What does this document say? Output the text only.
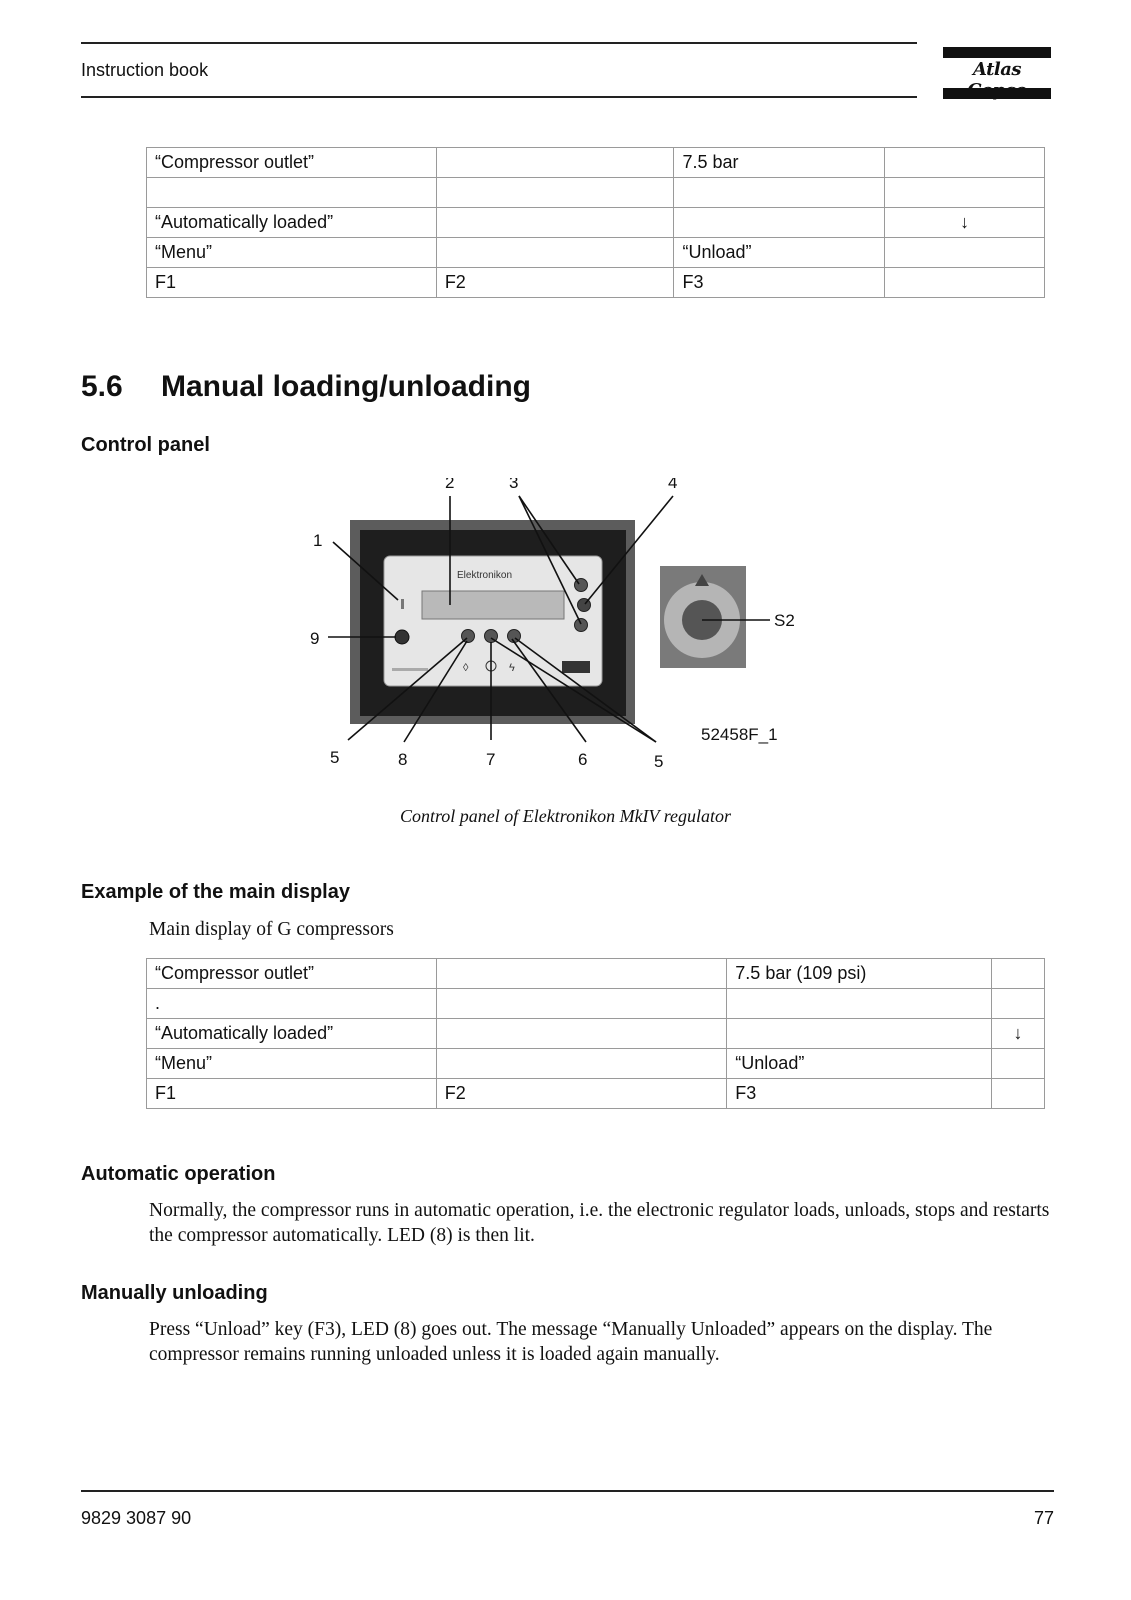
Instruction book	Atlas
“Compressor outlet”		7.5 bar	

“Automatically loaded”			↓
“Menu”		“Unload”	
F1	F2	F3	
5.6 Manual loading/unloading
Control panel
Elektronikon
◊	ϟ
1
2	3	4
5	6
7
8
9
5
S2
52458F_1
Control panel of Elektronikon MkIV regulator
Example of the main display
Main display of G compressors
“Compressor outlet”		7.5 bar (109 psi)	
.			
“Automatically loaded”			↓
“Menu”		“Unload”	
F1	F2	F3	
Automatic operation
Normally, the compressor runs in automatic operation, i.e. the electronic regulator loads, unloads, stops and restarts the compressor automatically. LED (8) is then lit.
Manually unloading
Press “Unload” key (F3), LED (8) goes out. The message “Manually Unloaded” appears on the display. The compressor remains running unloaded unless it is loaded again manually.
9829 3087 90	77
